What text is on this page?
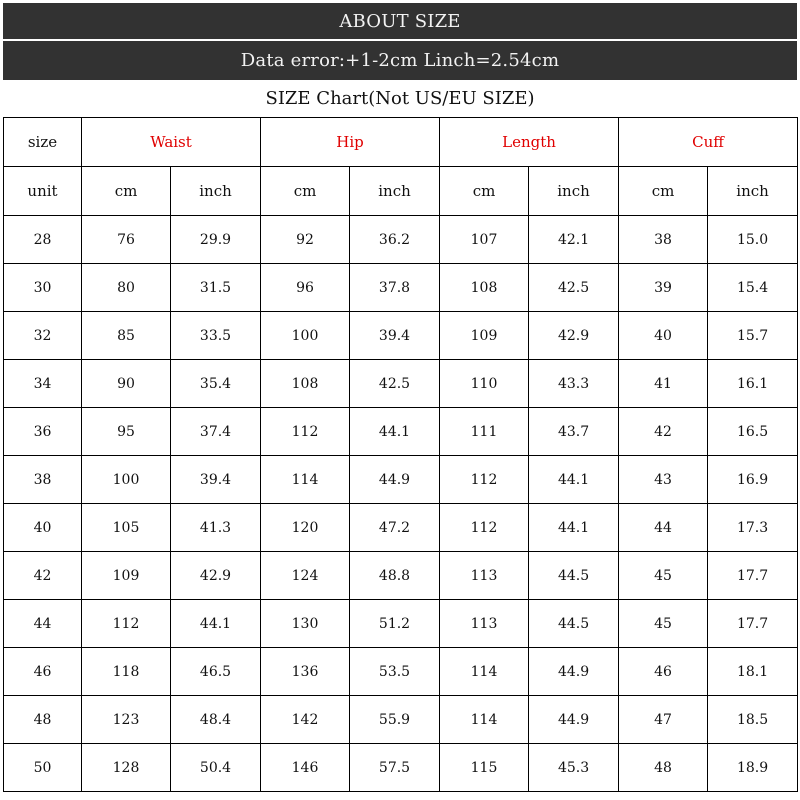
ABOUT SIZE
Data error:+1-2cm Linch=2.54cm
SIZE Chart(Not US/EU SIZE)
size	Waist		Hip		Length		Cuff	
unit	cm	inch	cm	inch	cm	inch	cm	inch
28	76	29.9	92	36.2	107	42.1	38	15.0
30	80	31.5	96	37.8	108	42.5	39	15.4
32	85	33.5	100	39.4	109	42.9	40	15.7
34	90	35.4	108	42.5	110	43.3	41	16.1
36	95	37.4	112	44.1	111	43.7	42	16.5
38	100	39.4	114	44.9	112	44.1	43	16.9
40	105	41.3	120	47.2	112	44.1	44	17.3
42	109	42.9	124	48.8	113	44.5	45	17.7
44	112	44.1	130	51.2	113	44.5	45	17.7
46	118	46.5	136	53.5	114	44.9	46	18.1
48	123	48.4	142	55.9	114	44.9	47	18.5
50	128	50.4	146	57.5	115	45.3	48	18.9
